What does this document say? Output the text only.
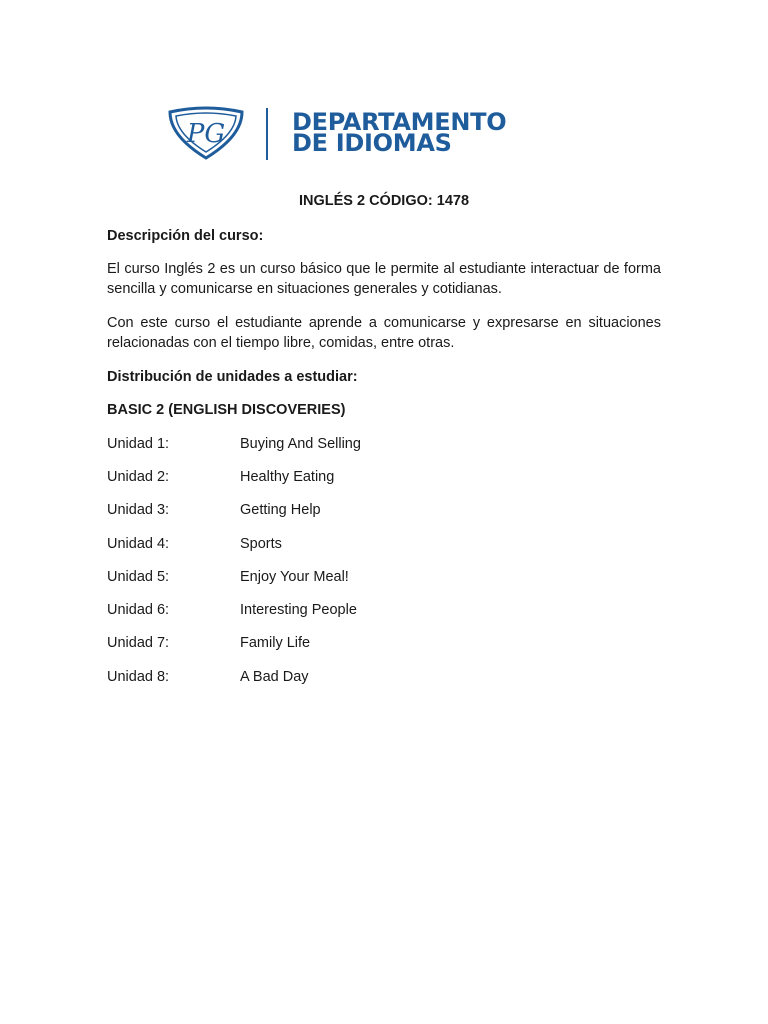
PG	DEPARTAMENTO
DE IDIOMAS
INGLÉS 2 CÓDIGO: 1478

Descripción del curso:

El curso Inglés 2 es un curso básico que le permite al estudiante interactuar de forma sencilla y comunicarse en situaciones generales y cotidianas.

Con este curso el estudiante aprende a comunicarse y expresarse en situaciones relacionadas con el tiempo libre, comidas, entre otras.

Distribución de unidades a estudiar:

BASIC 2 (ENGLISH DISCOVERIES)

Unidad 1:	Buying And Selling
Unidad 2:	Healthy Eating
Unidad 3:	Getting Help
Unidad 4:	Sports
Unidad 5:	Enjoy Your Meal!
Unidad 6:	Interesting People
Unidad 7:	Family Life
Unidad 8:	A Bad Day
